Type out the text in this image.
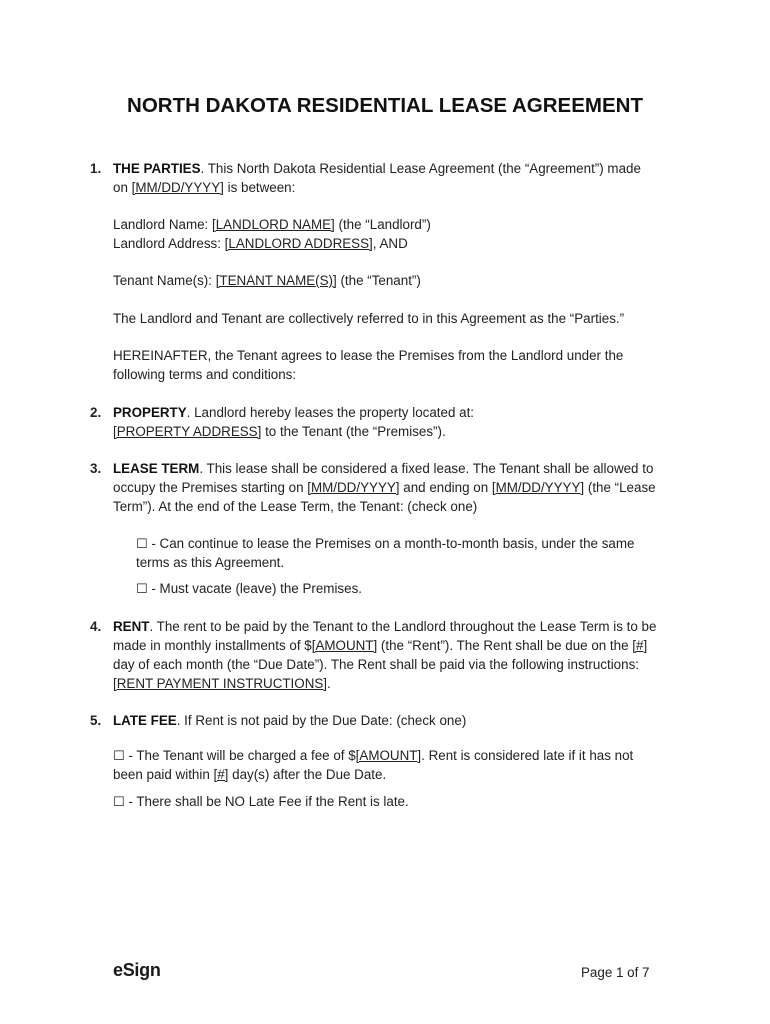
NORTH DAKOTA RESIDENTIAL LEASE AGREEMENT
1. THE PARTIES. This North Dakota Residential Lease Agreement (the “Agreement”) made
on [MM/DD/YYYY] is between:
Landlord Name: [LANDLORD NAME] (the “Landlord”)
Landlord Address: [LANDLORD ADDRESS], AND
Tenant Name(s): [TENANT NAME(S)] (the “Tenant”)
The Landlord and Tenant are collectively referred to in this Agreement as the “Parties.”
HEREINAFTER, the Tenant agrees to lease the Premises from the Landlord under the
following terms and conditions:
2. PROPERTY. Landlord hereby leases the property located at:
[PROPERTY ADDRESS] to the Tenant (the “Premises”).
3. LEASE TERM. This lease shall be considered a fixed lease. The Tenant shall be allowed to
occupy the Premises starting on [MM/DD/YYYY] and ending on [MM/DD/YYYY] (the “Lease
Term”). At the end of the Lease Term, the Tenant: (check one)
☐ - Can continue to lease the Premises on a month-to-month basis, under the same
terms as this Agreement.
☐ - Must vacate (leave) the Premises.
4. RENT. The rent to be paid by the Tenant to the Landlord throughout the Lease Term is to be
made in monthly installments of $[AMOUNT] (the “Rent”). The Rent shall be due on the [#]
day of each month (the “Due Date”). The Rent shall be paid via the following instructions:
[RENT PAYMENT INSTRUCTIONS].
5. LATE FEE. If Rent is not paid by the Due Date: (check one)
☐ - The Tenant will be charged a fee of $[AMOUNT]. Rent is considered late if it has not
been paid within [#] day(s) after the Due Date.
☐ - There shall be NO Late Fee if the Rent is late.
eSign	Page 1 of 7
